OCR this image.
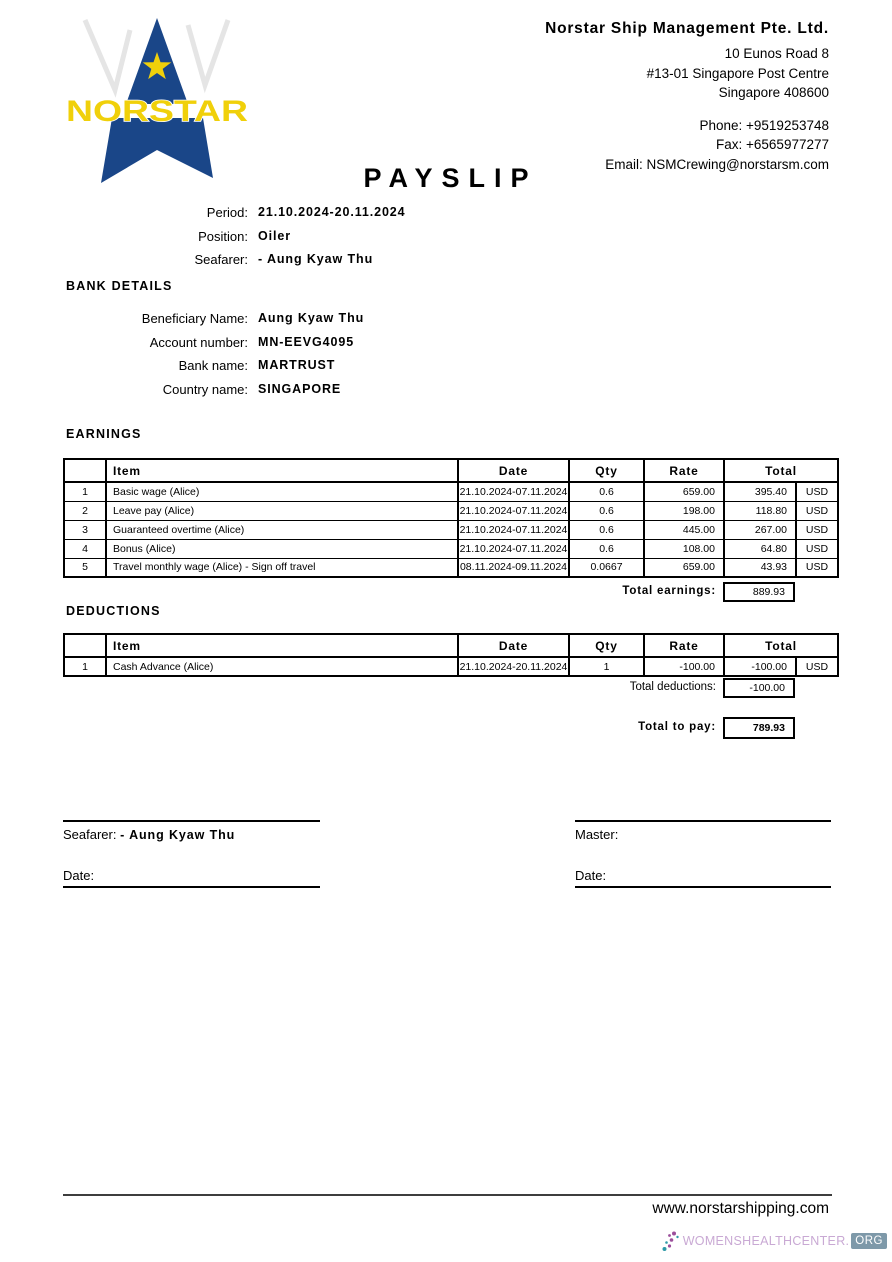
NORSTAR
Norstar Ship Management Pte. Ltd.
10 Eunos Road 8
#13-01 Singapore Post Centre
Singapore 408600
Phone: +9519253748
Fax: +6565977277
Email: NSMCrewing@norstarsm.com
PAYSLIP
Period: 21.10.2024-20.11.2024
Position: Oiler
Seafarer: - Aung Kyaw Thu
BANK DETAILS
Beneficiary Name: Aung Kyaw Thu
Account number: MN-EEVG4095
Bank name: MARTRUST
Country name: SINGAPORE
EARNINGS
	Item	Date	Qty	Rate	Total	
1	Basic wage (Alice)	21.10.2024-07.11.2024	0.6	659.00	395.40	USD
2	Leave pay (Alice)	21.10.2024-07.11.2024	0.6	198.00	118.80	USD
3	Guaranteed overtime (Alice)	21.10.2024-07.11.2024	0.6	445.00	267.00	USD
4	Bonus (Alice)	21.10.2024-07.11.2024	0.6	108.00	64.80	USD
5	Travel monthly wage (Alice) - Sign off travel	08.11.2024-09.11.2024	0.0667	659.00	43.93	USD
Total earnings:	889.93
DEDUCTIONS
	Item	Date	Qty	Rate	Total	
1	Cash Advance (Alice)	21.10.2024-20.11.2024	1	-100.00	-100.00	USD
Total deductions:	-100.00
Total to pay:	789.93
Seafarer: - Aung Kyaw Thu
Date:
Master:
Date:
www.norstarshipping.com
WOMENSHEALTHCENTER. ORG
